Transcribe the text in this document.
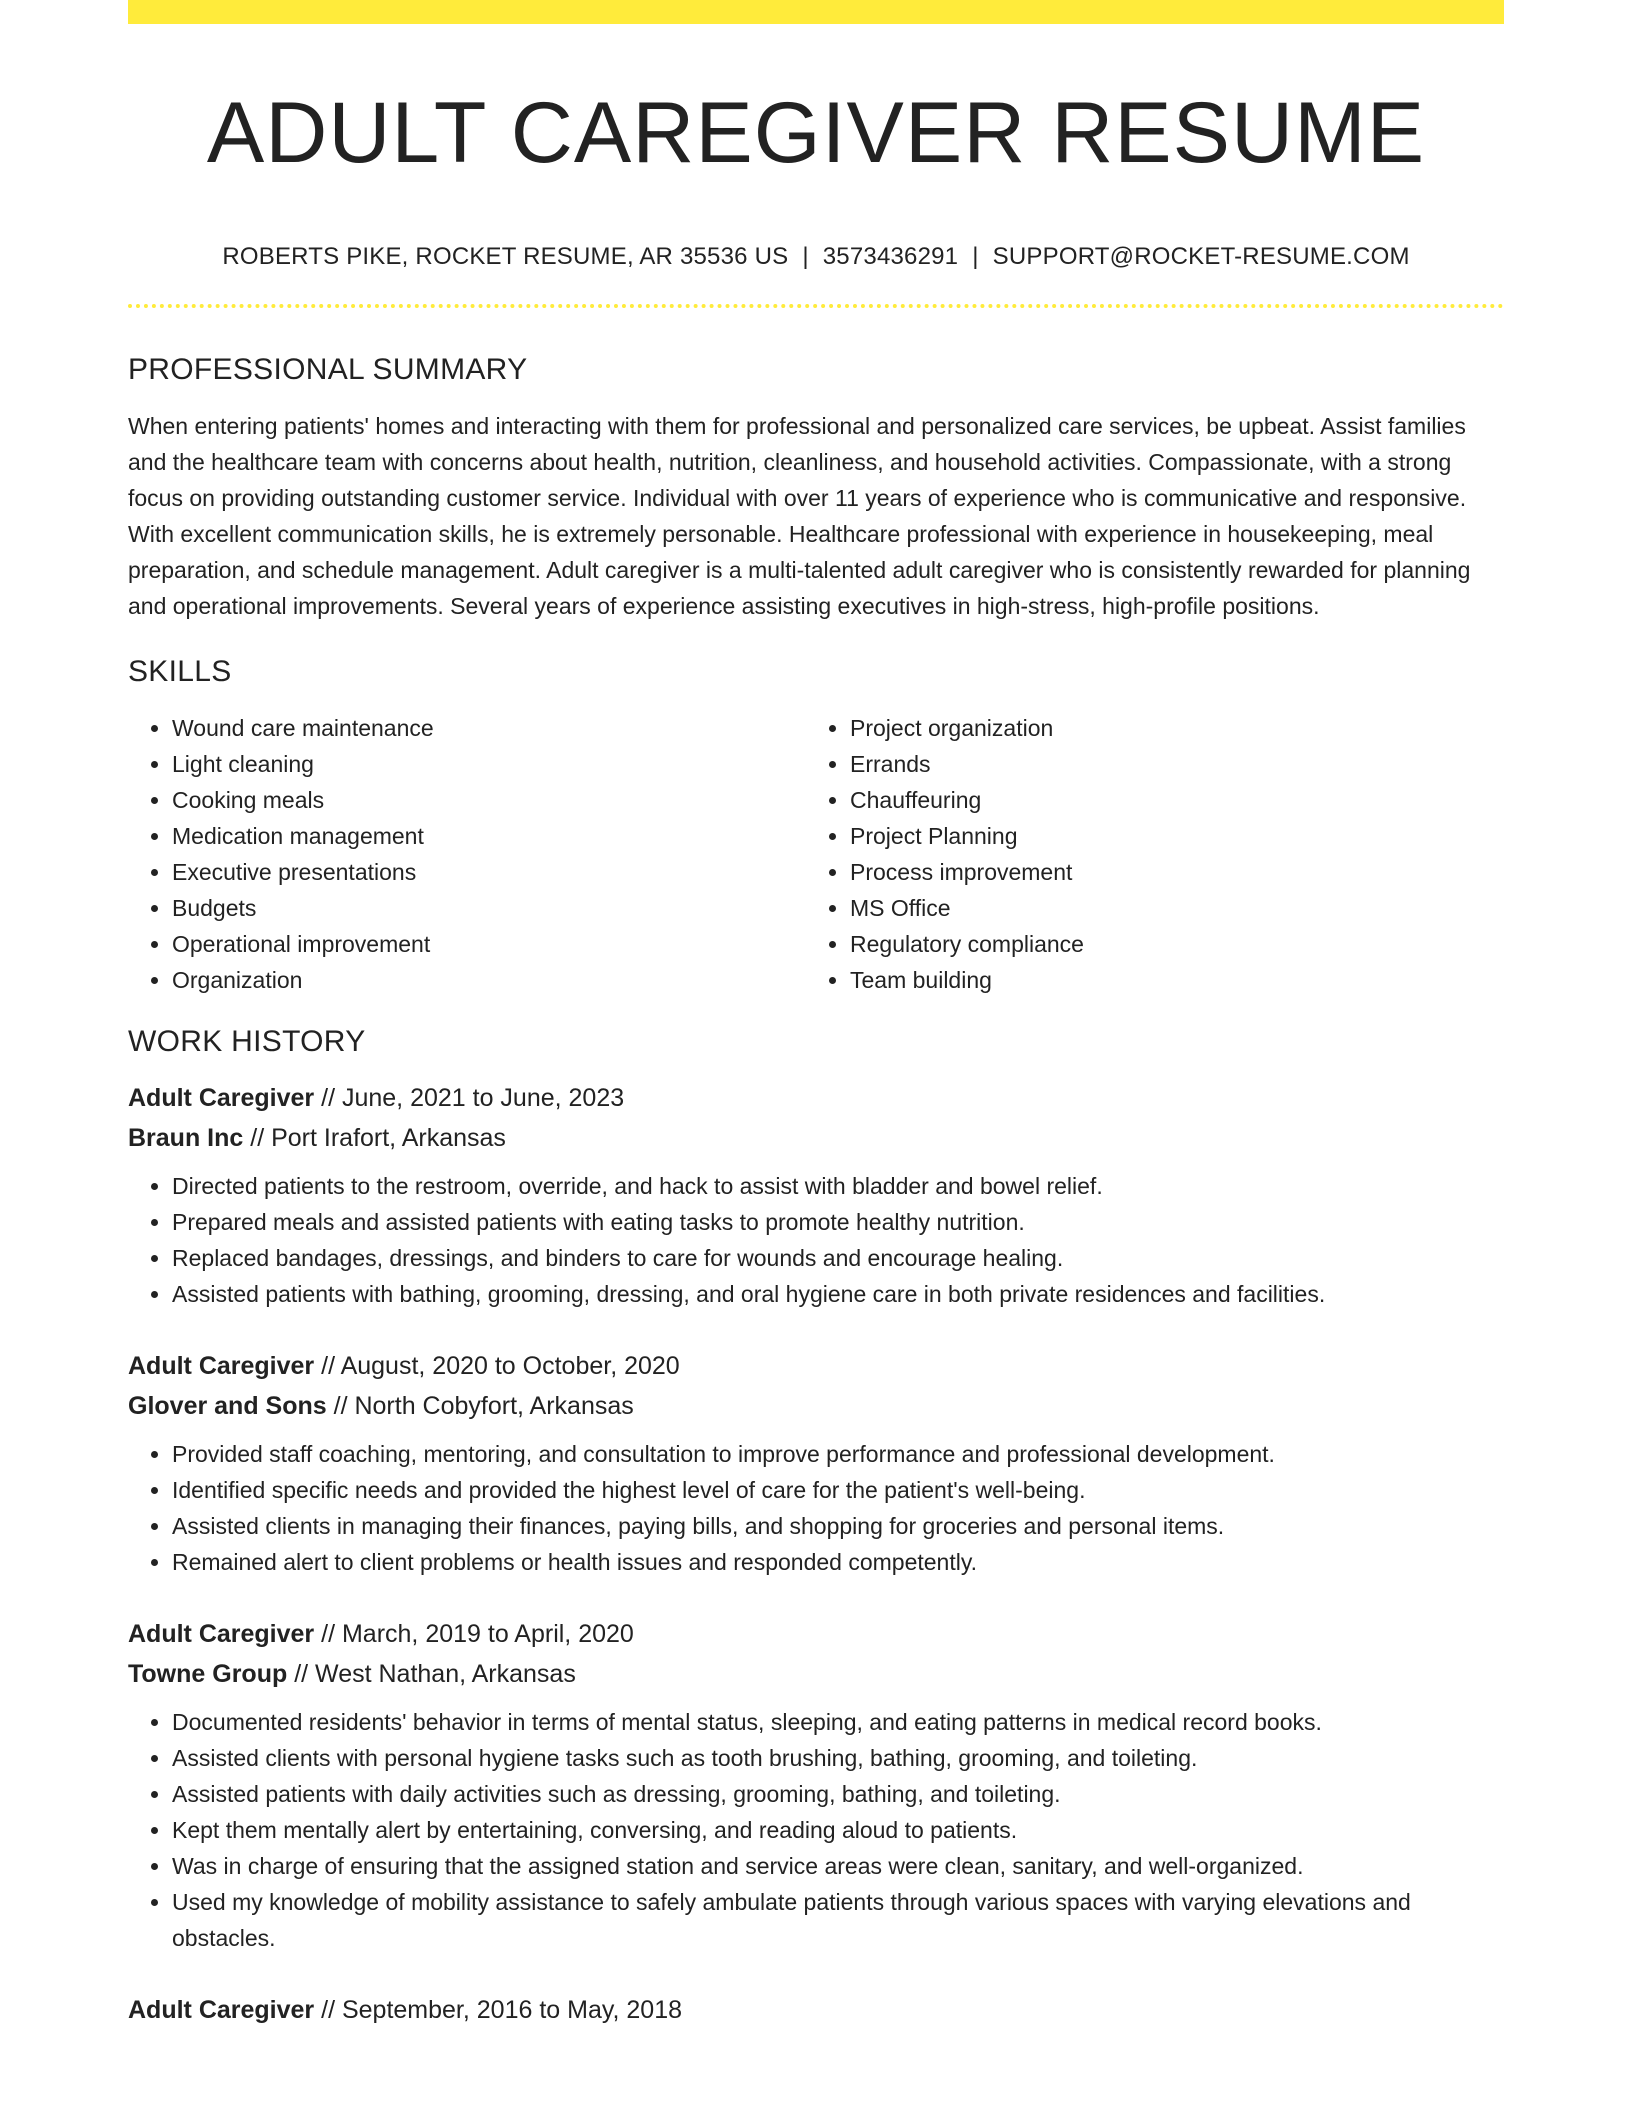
ADULT CAREGIVER RESUME
ROBERTS PIKE, ROCKET RESUME, AR 35536 US | 3573436291 | SUPPORT@ROCKET-RESUME.COM
PROFESSIONAL SUMMARY

When entering patients' homes and interacting with them for professional and personalized care services, be upbeat. Assist families and the healthcare team with concerns about health, nutrition, cleanliness, and household activities. Compassionate, with a strong focus on providing outstanding customer service. Individual with over 11 years of experience who is communicative and responsive. With excellent communication skills, he is extremely personable. Healthcare professional with experience in housekeeping, meal preparation, and schedule management. Adult caregiver is a multi-talented adult caregiver who is consistently rewarded for planning and operational improvements. Several years of experience assisting executives in high-stress, high-profile positions.

SKILLS
• Wound care maintenance
• Light cleaning
• Cooking meals
• Medication management
• Executive presentations
• Budgets
• Operational improvement
• Organization
• Project organization
• Errands
• Chauffeuring
• Project Planning
• Process improvement
• MS Office
• Regulatory compliance
• Team building
WORK HISTORY
Adult Caregiver // June, 2021 to June, 2023
Braun Inc // Port Irafort, Arkansas
• Directed patients to the restroom, override, and hack to assist with bladder and bowel relief.
• Prepared meals and assisted patients with eating tasks to promote healthy nutrition.
• Replaced bandages, dressings, and binders to care for wounds and encourage healing.
• Assisted patients with bathing, grooming, dressing, and oral hygiene care in both private residences and facilities.
Adult Caregiver // August, 2020 to October, 2020
Glover and Sons // North Cobyfort, Arkansas
• Provided staff coaching, mentoring, and consultation to improve performance and professional development.
• Identified specific needs and provided the highest level of care for the patient's well-being.
• Assisted clients in managing their finances, paying bills, and shopping for groceries and personal items.
• Remained alert to client problems or health issues and responded competently.
Adult Caregiver // March, 2019 to April, 2020
Towne Group // West Nathan, Arkansas
• Documented residents' behavior in terms of mental status, sleeping, and eating patterns in medical record books.
• Assisted clients with personal hygiene tasks such as tooth brushing, bathing, grooming, and toileting.
• Assisted patients with daily activities such as dressing, grooming, bathing, and toileting.
• Kept them mentally alert by entertaining, conversing, and reading aloud to patients.
• Was in charge of ensuring that the assigned station and service areas were clean, sanitary, and well-organized.
• Used my knowledge of mobility assistance to safely ambulate patients through various spaces with varying elevations and obstacles.
Adult Caregiver // September, 2016 to May, 2018
